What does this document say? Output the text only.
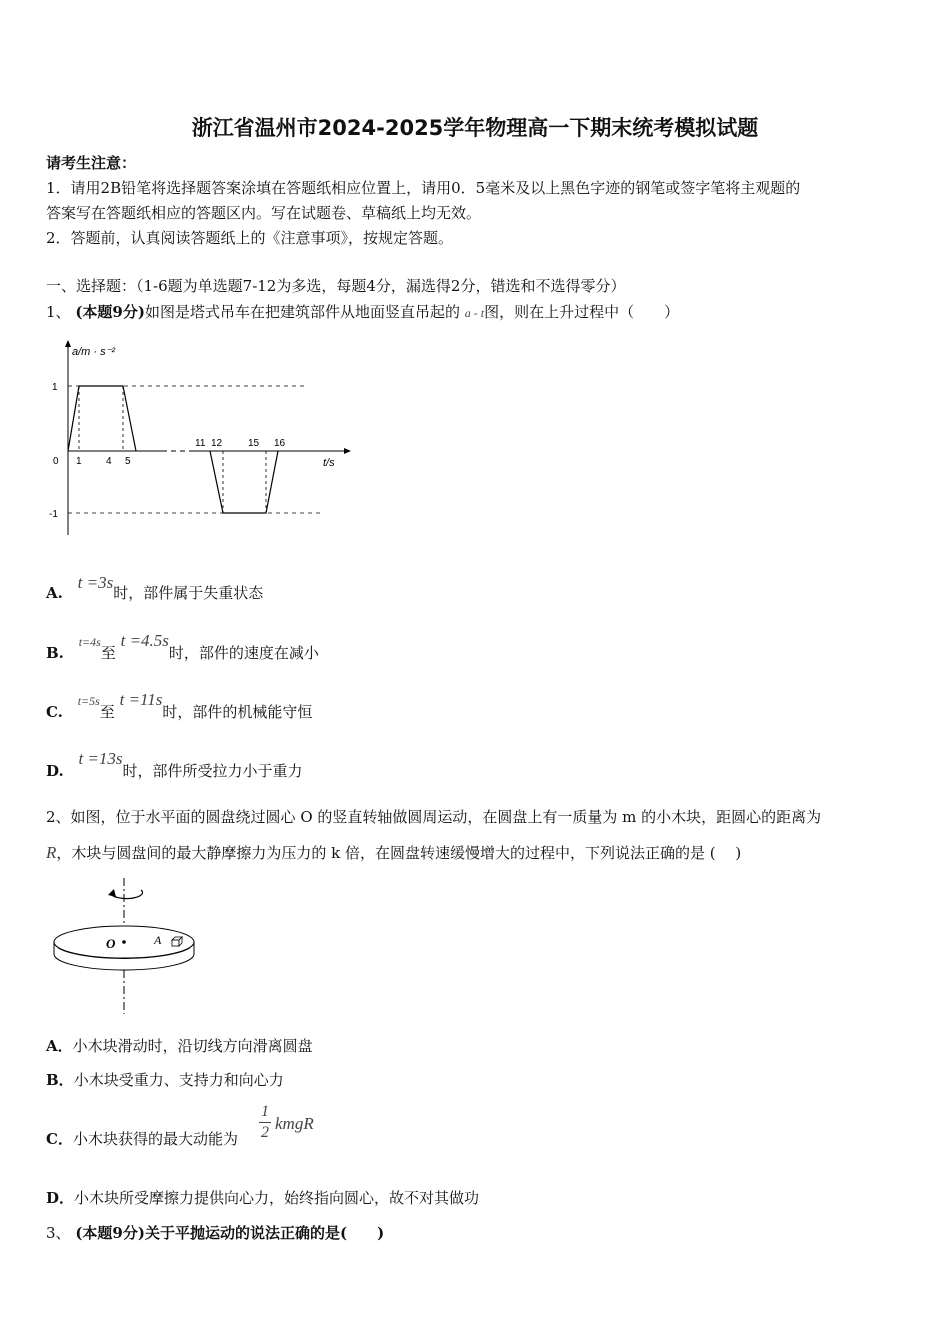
浙江省温州市2024-2025学年物理高一下期末统考模拟试题
请考生注意：
1．请用2B铅笔将选择题答案涂填在答题纸相应位置上，请用0．5毫米及以上黑色字迹的钢笔或签字笔将主观题的
答案写在答题纸相应的答题区内。写在试题卷、草稿纸上均无效。
2．答题前，认真阅读答题纸上的《注意事项》，按规定答题。
一、选择题：（1-6题为单选题7-12为多选，每题4分，漏选得2分，错选和不选得零分）
1、 (本题9分)如图是塔式吊车在把建筑部件从地面竖直吊起的 a - t图，则在上升过程中（　　）
a/m · s⁻²
t/s
1
0
-1
1 4 5
11 12	15 16
A. t =3s时，部件属于失重状态
B. t=4s至 t =4.5s时，部件的速度在减小
C. t=5s至 t =11s时，部件的机械能守恒
D. t =13s时，部件所受拉力小于重力
2、如图，位于水平面的圆盘绕过圆心 O 的竖直转轴做圆周运动，在圆盘上有一质量为 m 的小木块，距圆心的距离为
R，木块与圆盘间的最大静摩擦力为压力的 k 倍，在圆盘转速缓慢增大的过程中，下列说法正确的是 (　 )
O	A
A．小木块滑动时，沿切线方向滑离圆盘
B．小木块受重力、支持力和向心力
C．小木块获得的最大动能为
1
2 kmgR
D．小木块所受摩擦力提供向心力，始终指向圆心，故不对其做功
3、 (本题9分)关于平抛运动的说法正确的是(　　)
